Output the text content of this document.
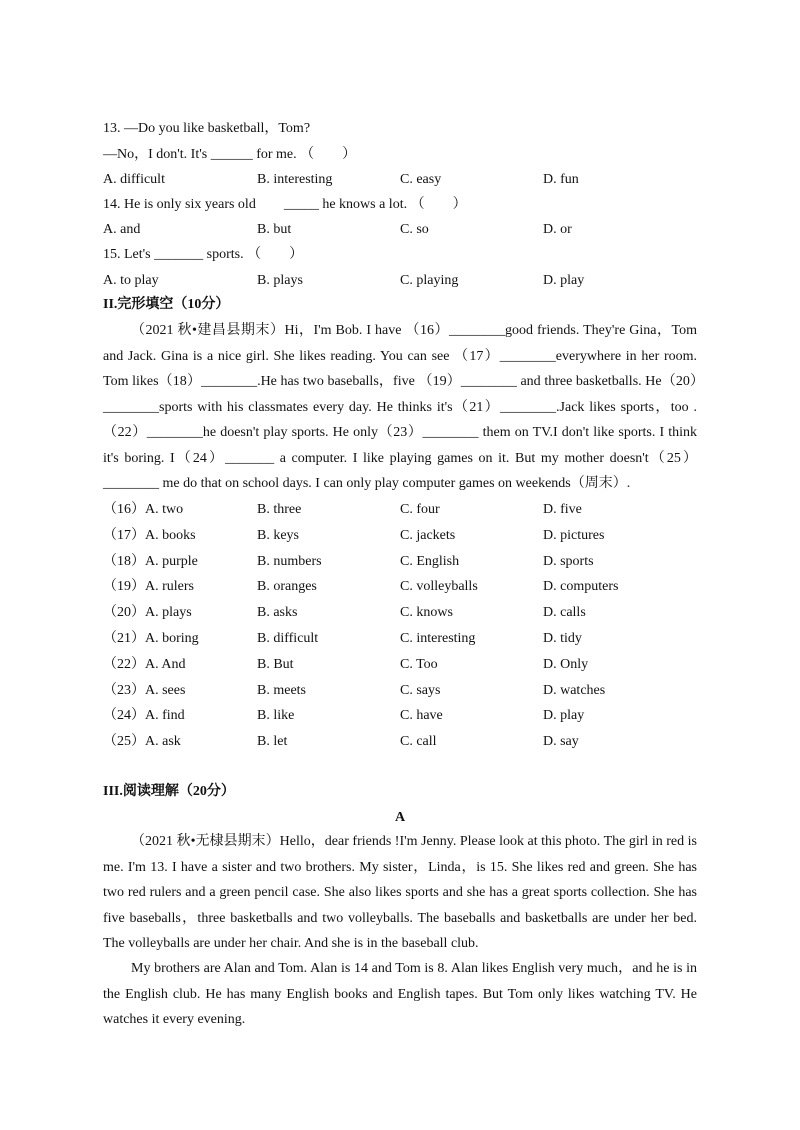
13. —Do you like basketball，Tom?
—No，I don't. It's ______ for me. （　　）
A. difficult	B. interesting	C. easy	D. fun
14. He is only six years old　　_____ he knows a lot. （　　）
A. and	B. but	C. so	D. or
15. Let's _______ sports. （　　）
A. to play	B. plays	C. playing	D. play
II.完形填空（10分）
（2021 秋•建昌县期末）Hi，I'm Bob. I have （16）________good friends. They're Gina，Tom and Jack. Gina is a nice girl. She likes reading. You can see （17）________everywhere in her room. Tom likes（18）________.He has two baseballs，five （19）________ and three basketballs. He（20）________sports with his classmates every day. He thinks it's（21）________.Jack likes sports，too .（22）________he doesn't play sports. He only（23）________ them on TV.I don't like sports. I think it's boring. I（24）_______ a computer. I like playing games on it. But my mother doesn't（25）________ me do that on school days. I can only play computer games on weekends（周末）.
（16）A. two	B. three	C. four	D. five
（17）A. books	B. keys	C. jackets	D. pictures
（18）A. purple	B. numbers	C. English	D. sports
（19）A. rulers	B. oranges	C. volleyballs	D. computers
（20）A. plays	B. asks	C. knows	D. calls
（21）A. boring	B. difficult	C. interesting	D. tidy
（22）A. And	B. But	C. Too	D. Only
（23）A. sees	B. meets	C. says	D. watches
（24）A. find	B. like	C. have	D. play
（25）A. ask	B. let	C. call	D. say
III.阅读理解（20分）
A
（2021 秋•无棣县期末）Hello，dear friends !I'm Jenny. Please look at this photo. The girl in red is me. I'm 13. I have a sister and two brothers. My sister，Linda，is 15. She likes red and green. She has two red rulers and a green pencil case. She also likes sports and she has a great sports collection. She has five baseballs，three basketballs and two volleyballs. The baseballs and basketballs are under her bed. The volleyballs are under her chair. And she is in the baseball club.
My brothers are Alan and Tom. Alan is 14 and Tom is 8. Alan likes English very much，and he is in the English club. He has many English books and English tapes. But Tom only likes watching TV. He watches it every evening.
